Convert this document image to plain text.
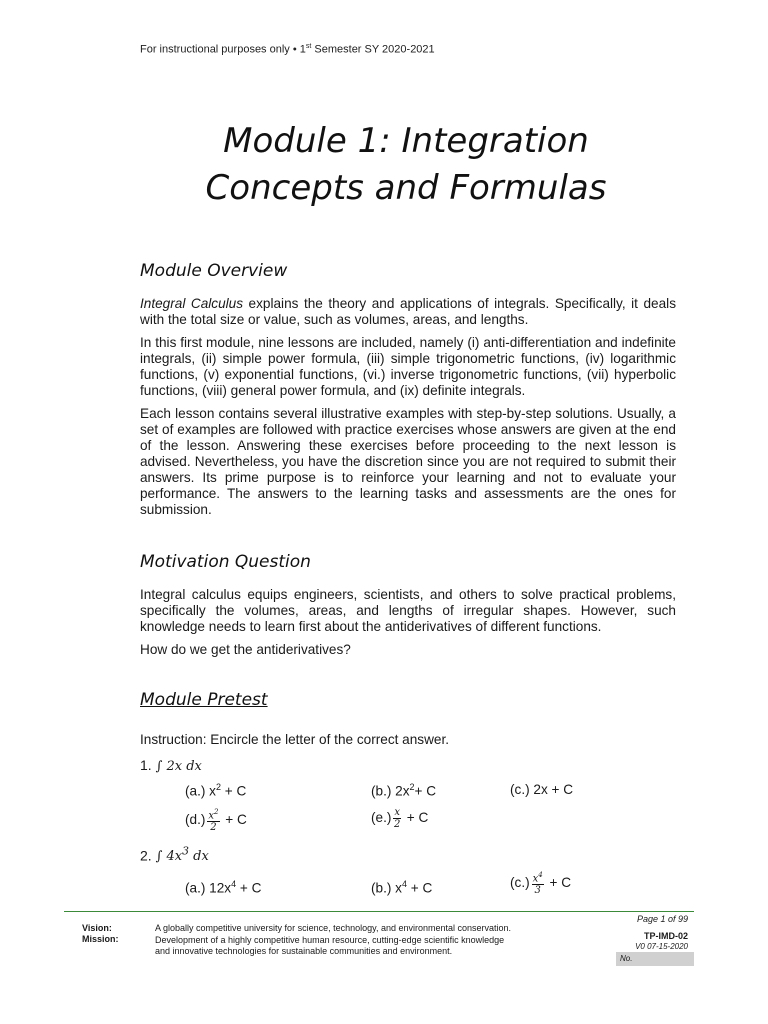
For instructional purposes only • 1st Semester SY 2020-2021
Module 1: Integration
Concepts and Formulas
Module Overview

Integral Calculus explains the theory and applications of integrals. Specifically, it deals with the total size or value, such as volumes, areas, and lengths.

In this first module, nine lessons are included, namely (i) anti-differentiation and indefinite integrals, (ii) simple power formula, (iii) simple trigonometric functions, (iv) logarithmic functions, (v) exponential functions, (vi.) inverse trigonometric functions, (vii) hyperbolic functions, (viii) general power formula, and (ix) definite integrals.

Each lesson contains several illustrative examples with step-by-step solutions. Usually, a set of examples are followed with practice exercises whose answers are given at the end of the lesson. Answering these exercises before proceeding to the next lesson is advised. Nevertheless, you have the discretion since you are not required to submit their answers. Its prime purpose is to reinforce your learning and not to evaluate your performance. The answers to the learning tasks and assessments are the ones for submission.

Motivation Question

Integral calculus equips engineers, scientists, and others to solve practical problems, specifically the volumes, areas, and lengths of irregular shapes. However, such knowledge needs to learn first about the antiderivatives of different functions.

How do we get the antiderivatives?

Module Pretest
Instruction: Encircle the letter of the correct answer.
1. ∫ 2x dx
(a.) $x^2 + C$	(b.) $2x^2+ C$	(c.) 2x + C
$(d.) \frac{x^2}{2} + C$	$(e.) \frac{x}{2} + C$
2. ∫ $4x^3$ dx
(a.) $12x^4 + C$	(b.) $x^4 + C$	$(c.) \frac{x^4}{3} + C$
Vision:
Mission:
A globally competitive university for science, technology, and environmental conservation.
Development of a highly competitive human resource, cutting-edge scientific knowledge
and innovative technologies for sustainable communities and environment.
Page 1 of 99
TP-IMD-02
V0 07-15-2020
No.
